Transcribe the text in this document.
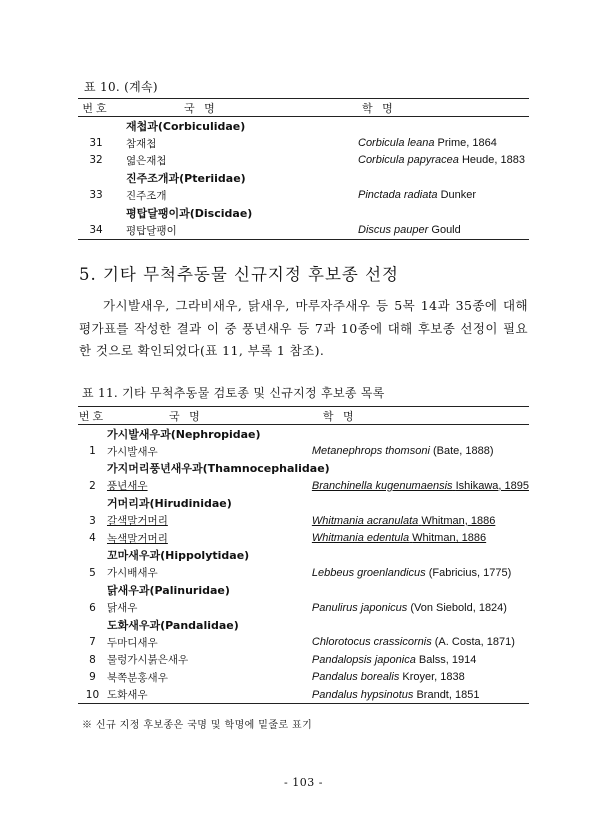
표 10. (계속)
번호	국 명	학 명
	재첩과(Corbiculidae)	
31	참재첩	Corbicula leana Prime, 1864
32	엷은재첩	Corbicula papyracea Heude, 1883
	진주조개과(Pteriidae)	
33	진주조개	Pinctada radiata Dunker
	평탑달팽이과(Discidae)	
34	평탑달팽이	Discus pauper Gould
5. 기타 무척추동물 신규지정 후보종 선정
가시발새우, 그라비새우, 닭새우, 마루자주새우 등 5목 14과 35종에 대해 평가표를 작성한 결과 이 중 풍년새우 등 7과 10종에 대해 후보종 선정이 필요한 것으로 확인되었다(표 11, 부록 1 참조).
표 11. 기타 무척추동물 검토종 및 신규지정 후보종 목록
번호	국 명	학 명
	가시발새우과(Nephropidae)	
1	가시발새우	Metanephrops thomsoni (Bate, 1888)
	가지머리풍년새우과(Thamnocephalidae)	
2	풍년새우	Branchinella kugenumaensis Ishikawa, 1895
	거머리과(Hirudinidae)	
3	갈색말거머리	Whitmania acranulata Whitman, 1886
4	녹색말거머리	Whitmania edentula Whitman, 1886
	꼬마새우과(Hippolytidae)	
5	가시배새우	Lebbeus groenlandicus (Fabricius, 1775)
	닭새우과(Palinuridae)	
6	닭새우	Panulirus japonicus (Von Siebold, 1824)
	도화새우과(Pandalidae)	
7	두마디새우	Chlorotocus crassicornis (A. Costa, 1871)
8	물렁가시붉은새우	Pandalopsis japonica Balss, 1914
9	북쪽분홍새우	Pandalus borealis Kroyer, 1838
10	도화새우	Pandalus hypsinotus Brandt, 1851
※ 신규 지정 후보종은 국명 및 학명에 밑줄로 표기
- 103 -
